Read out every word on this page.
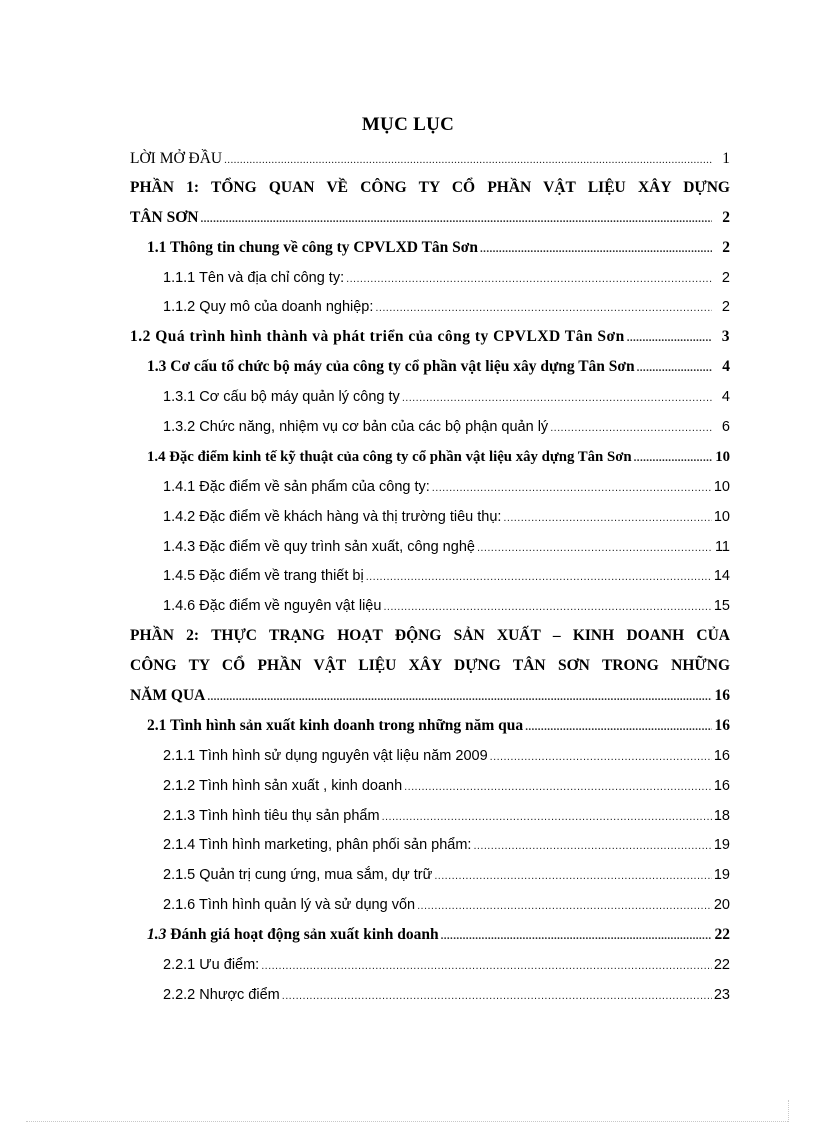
MỤC LỤC
LỜI MỞ ĐẦU .....	1
PHẦN 1: TỔNG QUAN VỀ CÔNG TY CỔ PHẦN VẬT LIỆU XÂY DỰNG
TÂN SƠN .....	2
1.1 Thông tin chung về công ty CPVLXD Tân Sơn .....	2
1.1.1 Tên và địa chỉ công ty: .....	2
1.1.2 Quy mô của doanh nghiệp: .....	2
1.2 Quá trình hình thành và phát triển của công ty CPVLXD Tân Sơn .....	3
1.3 Cơ cấu tổ chức bộ máy của công ty cổ phần vật liệu xây dựng Tân Sơn .....	4
1.3.1 Cơ cấu bộ máy quản lý công ty .....	4
1.3.2 Chức năng, nhiệm vụ cơ bản của các bộ phận quản lý .....	6
1.4 Đặc điểm kinh tế kỹ thuật của công ty cổ phần vật liệu xây dựng Tân Sơn .....	10
1.4.1 Đặc điểm về sản phẩm của công ty: .....	10
1.4.2 Đặc điểm về khách hàng và thị trường tiêu thụ: .....	10
1.4.3 Đặc điểm về quy trình sản xuất, công nghệ .....	11
1.4.5 Đặc điểm về trang thiết bị .....	14
1.4.6 Đặc điểm về nguyên vật liệu .....	15
PHẦN 2: THỰC TRẠNG HOẠT ĐỘNG SẢN XUẤT – KINH DOANH CỦA
CÔNG TY CỔ PHẦN VẬT LIỆU XÂY DỰNG TÂN SƠN TRONG NHỮNG
NĂM QUA .....	16
2.1 Tình hình sản xuất kinh doanh trong những năm qua .....	16
2.1.1 Tình hình sử dụng nguyên vật liệu năm 2009 .....	16
2.1.2 Tình hình sản xuất , kinh doanh .....	16
2.1.3 Tình hình tiêu thụ sản phẩm .....	18
2.1.4 Tình hình marketing, phân phối sản phẩm: .....	19
2.1.5 Quản trị cung ứng, mua sắm, dự trữ .....	19
2.1.6 Tình hình quản lý và sử dụng vốn .....	20
1.3 Đánh giá hoạt động sản xuất kinh doanh .....	22
2.2.1 Ưu điểm: .....	22
2.2.2 Nhược điểm .....	23
